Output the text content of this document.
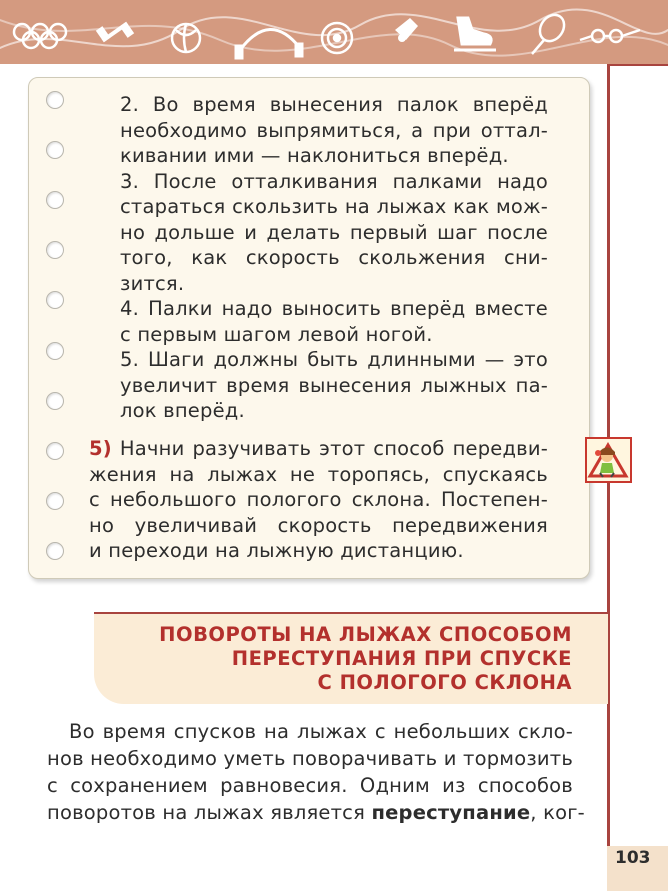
2. Во время вынесения палок вперёд
необходимо выпрямиться, а при оттал-
кивании ими — наклониться вперёд.
3. После отталкивания палками надо
стараться скользить на лыжах как мож-
но дольше и делать первый шаг после
того, как скорость скольжения сни-
зится.
4. Палки надо выносить вперёд вместе
с первым шагом левой ногой.
5. Шаги должны быть длинными — это
увеличит время вынесения лыжных па-
лок вперёд.
5) Начни разучивать этот способ передви-
жения на лыжах не торопясь, спускаясь
с небольшого пологого склона. Постепен-
но увеличивай скорость передвижения
и переходи на лыжную дистанцию.
ПОВОРОТЫ НА ЛЫЖАХ СПОСОБОМ
ПЕРЕСТУПАНИЯ ПРИ СПУСКЕ
С ПОЛОГОГО СКЛОНА
Во время спусков на лыжах с небольших скло-
нов необходимо уметь поворачивать и тормозить
с сохранением равновесия. Одним из способов
поворотов на лыжах является переступание, ког-
103
